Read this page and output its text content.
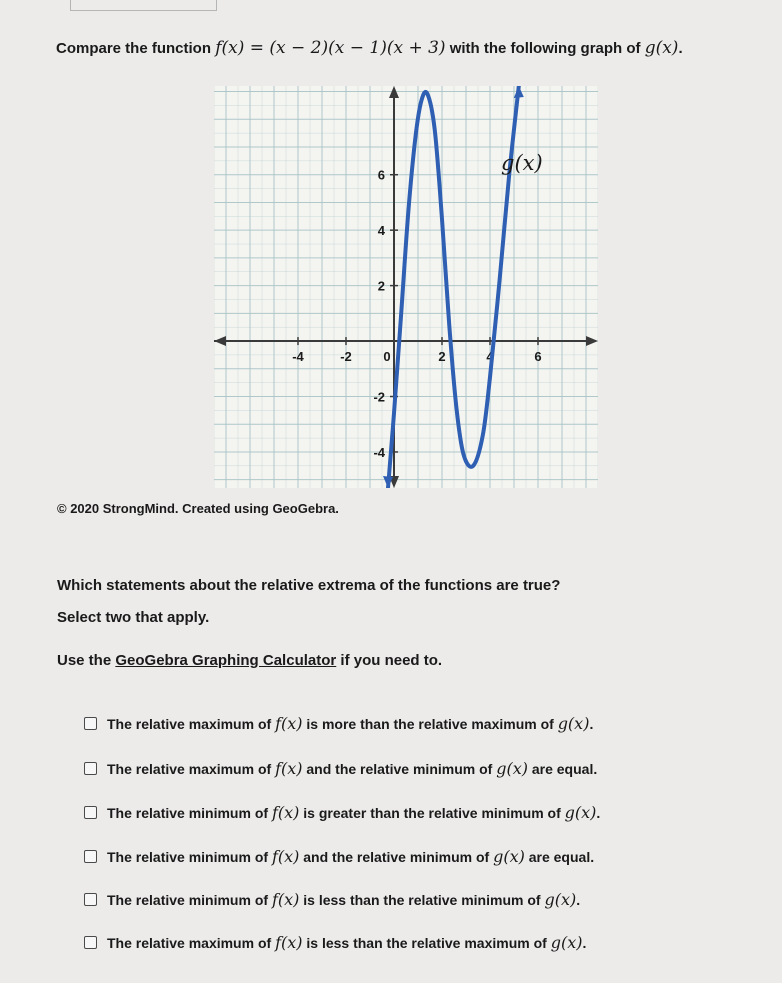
Compare the function f(x) = (x − 2)(x − 1)(x + 3) with the following graph of g(x).
-4	-2 0	2	4	6
6
4
2
-2
-4
g(x)
© 2020 StrongMind. Created using GeoGebra.
Which statements about the relative extrema of the functions are true?
Select two that apply.
Use the GeoGebra Graphing Calculator if you need to.
The relative maximum of f(x) is more than the relative maximum of g(x).
The relative maximum of f(x) and the relative minimum of g(x) are equal.
The relative minimum of f(x) is greater than the relative minimum of g(x).
The relative minimum of f(x) and the relative minimum of g(x) are equal.
The relative minimum of f(x) is less than the relative minimum of g(x).
The relative maximum of f(x) is less than the relative maximum of g(x).
